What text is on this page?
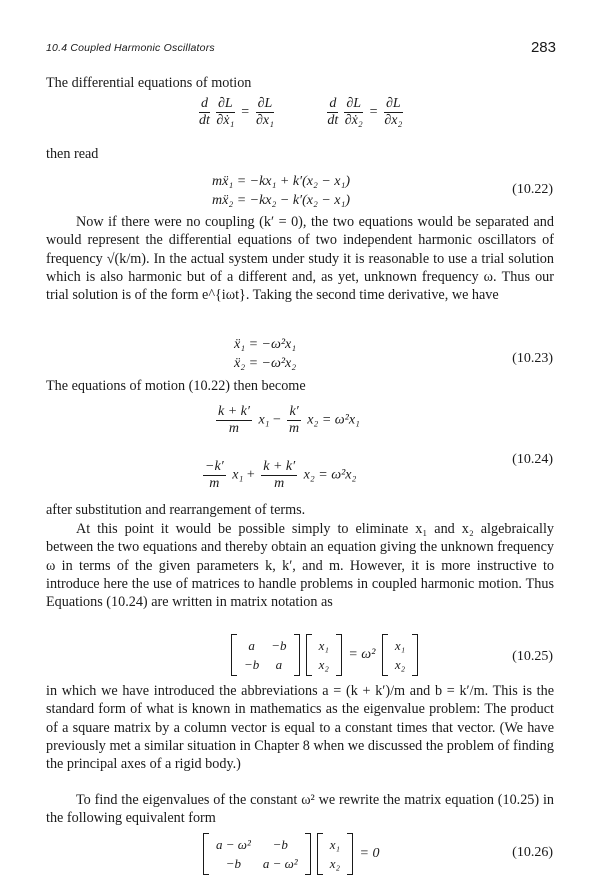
10.4 Coupled Harmonic Oscillators	283
The differential equations of motion
$\frac{d}{dt} \frac{\partial L}{\text{∂ẋ₁}} = \frac{\partial L}{\text{∂x₁}}$
	$\frac{d}{dt} \frac{\partial L}{\text{∂ẋ₂}} = \frac{\partial L}{\text{∂x₂}}$
then read
mẍ₁ = −kx₁ + k′(x₂ − x₁)
mẍ₂ = −kx₂ − k′(x₂ − x₁)
(10.22)
Now if there were no coupling (k′ = 0), the two equations would be separated and would represent the differential equations of two independent harmonic oscillators of frequency √(k/m). In the actual system under study it is reasonable to use a trial solution which is also harmonic but of a different and, as yet, unknown frequency ω. Thus our trial solution is of the form e^{iωt}. Taking the second time derivative, we have
ẍ₁ = −ω²x₁
ẍ₂ = −ω²x₂	(10.23)
The equations of motion (10.22) then become
$\frac{k + k'}{m} x_1 - \frac{k'}{m} x_2 = \omega^2x_1$
$\frac{-k'}{m} x_1 + \frac{k + k'}{m} x_2 = \omega^2x_2$
(10.24)
after substitution and rearrangement of terms.
At this point it would be possible simply to eliminate x₁ and x₂ algebraically between the two equations and thereby obtain an equation giving the unknown frequency ω in terms of the given parameters k, k′, and m. However, it is more instructive to introduce here the use of matrices to handle problems in coupled harmonic motion. Thus Equations (10.24) are written in matrix notation as
a	−b
−b	a
x₁
x₂
= ω²
x₁
x₂
(10.25)
in which we have introduced the abbreviations a = (k + k′)/m and b = k′/m. This is the standard form of what is known in mathematics as the eigenvalue problem: The product of a square matrix by a column vector is equal to a constant times that vector. (We have previously met a similar situation in Chapter 8 when we discussed the problem of finding the principal axes of a rigid body.)
To find the eigenvalues of the constant ω² we rewrite the matrix equation (10.25) in the following equivalent form
a − ω²	−b
−b	a − ω²
x₁
x₂
= 0	(10.26)
